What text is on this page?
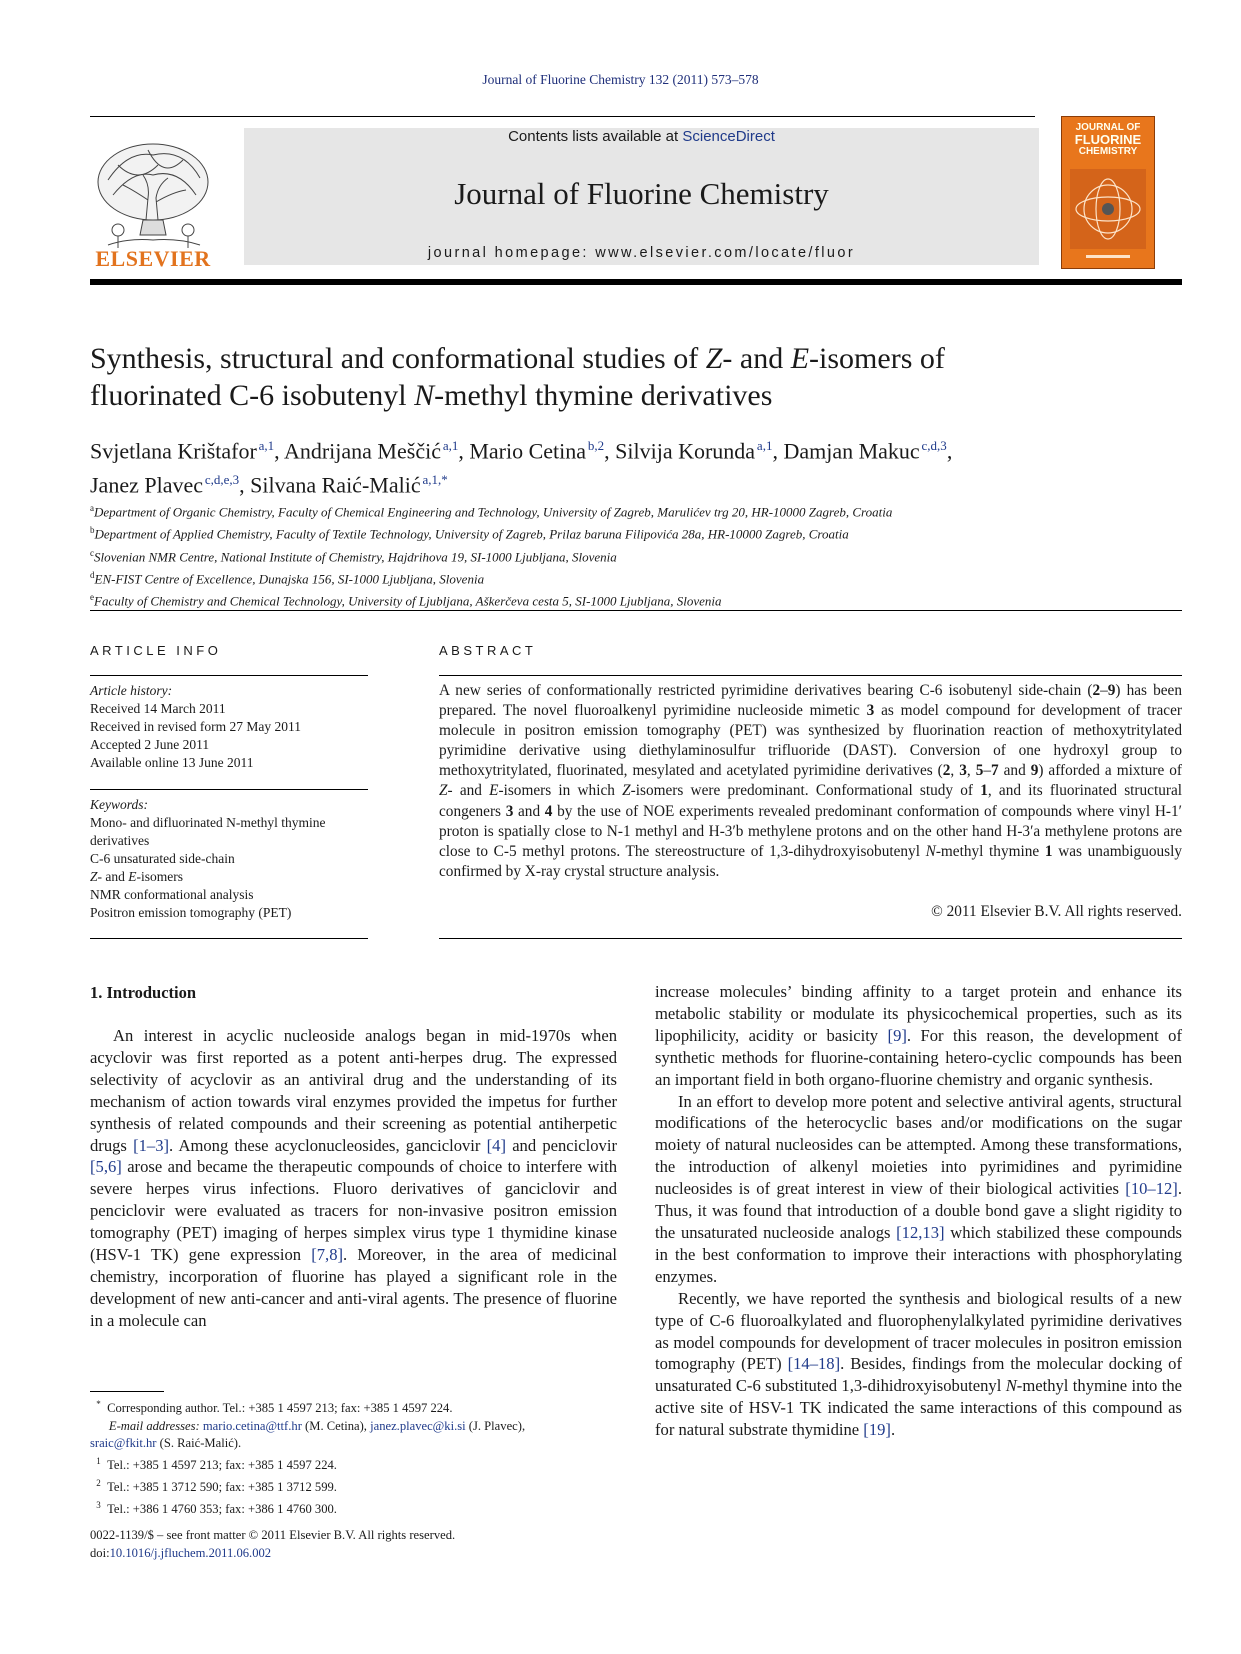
Journal of Fluorine Chemistry 132 (2011) 573–578
ELSEVIER
Contents lists available at ScienceDirect
Journal of Fluorine Chemistry
journal homepage: www.elsevier.com/locate/fluor
JOURNAL OF
FLUORINE
CHEMISTRY
Synthesis, structural and conformational studies of Z- and E-isomers of
fluorinated C-6 isobutenyl N-methyl thymine derivatives
Svjetlana Krištafor  $^{a,1}$, Andrijana Meščić  $^{a,1}$, Mario Cetina  $^{b,2}$, Silvija Korunda  $^{a,1}$, Damjan Makuc  $^{c,d,3}$,
Janez Plavec  $^{c,d,e,3}$, Silvana Raić-Malić  $^{a,1,*}$
$^a$Department of Organic Chemistry, Faculty of Chemical Engineering and Technology, University of Zagreb, Marulićev trg 20, HR-10000 Zagreb, Croatia
$^b$Department of Applied Chemistry, Faculty of Textile Technology, University of Zagreb, Prilaz baruna Filipovića 28a, HR-10000 Zagreb, Croatia
$^c$Slovenian NMR Centre, National Institute of Chemistry, Hajdrihova 19, SI-1000 Ljubljana, Slovenia
$^d$EN-FIST Centre of Excellence, Dunajska 156, SI-1000 Ljubljana, Slovenia
$^e$Faculty of Chemistry and Chemical Technology, University of Ljubljana, Aškerčeva cesta 5, SI-1000 Ljubljana, Slovenia
ARTICLE INFO	ABSTRACT
Article history:
Received 14 March 2011
Received in revised form 27 May 2011
Accepted 2 June 2011
Available online 13 June 2011
Keywords:
Mono- and difluorinated N-methyl thymine
derivatives
C-6 unsaturated side-chain
Z- and E-isomers
NMR conformational analysis
Positron emission tomography (PET)
A new series of conformationally restricted pyrimidine derivatives bearing C-6 isobutenyl side-chain (2–9) has been prepared. The novel fluoroalkenyl pyrimidine nucleoside mimetic 3 as model compound for development of tracer molecule in positron emission tomography (PET) was synthesized by fluorination reaction of methoxytritylated pyrimidine derivative using diethylaminosulfur trifluoride (DAST). Conversion of one hydroxyl group to methoxytritylated, fluorinated, mesylated and acetylated pyrimidine derivatives (2, 3, 5–7 and 9) afforded a mixture of Z- and E-isomers in which Z-isomers were predominant. Conformational study of 1, and its fluorinated structural congeners 3 and 4 by the use of NOE experiments revealed predominant conformation of compounds where vinyl H-1′ proton is spatially close to N-1 methyl and H-3′b methylene protons and on the other hand H-3′a methylene protons are close to C-5 methyl protons. The stereostructure of 1,3-dihydroxyisobutenyl N-methyl thymine 1 was unambiguously confirmed by X-ray crystal structure analysis.
© 2011 Elsevier B.V. All rights reserved.
1. Introduction

An interest in acyclic nucleoside analogs began in mid-1970s when acyclovir was first reported as a potent anti-herpes drug. The expressed selectivity of acyclovir as an antiviral drug and the understanding of its mechanism of action towards viral enzymes provided the impetus for further synthesis of related compounds and their screening as potential antiherpetic drugs [1–3]. Among these acyclonucleosides, ganciclovir [4] and penciclovir [5,6] arose and became the therapeutic compounds of choice to interfere with severe herpes virus infections. Fluoro derivatives of ganciclovir and penciclovir were evaluated as tracers for non-invasive positron emission tomography (PET) imaging of herpes simplex virus type 1 thymidine kinase (HSV-1 TK) gene expression [7,8]. Moreover, in the area of medicinal chemistry, incorporation of fluorine has played a significant role in the development of new anti-cancer and anti-viral agents. The presence of fluorine in a molecule can

increase molecules’ binding affinity to a target protein and enhance its metabolic stability or modulate its physicochemical properties, such as its lipophilicity, acidity or basicity [9]. For this reason, the development of synthetic methods for fluorine-containing hetero-cyclic compounds has been an important field in both organo-fluorine chemistry and organic synthesis.

In an effort to develop more potent and selective antiviral agents, structural modifications of the heterocyclic bases and/or modifications on the sugar moiety of natural nucleosides can be attempted. Among these transformations, the introduction of alkenyl moieties into pyrimidines and pyrimidine nucleosides is of great interest in view of their biological activities [10–12]. Thus, it was found that introduction of a double bond gave a slight rigidity to the unsaturated nucleoside analogs [12,13] which stabilized these compounds in the best conformation to improve their interactions with phosphorylating enzymes.

Recently, we have reported the synthesis and biological results of a new type of C-6 fluoroalkylated and fluorophenylalkylated pyrimidine derivatives as model compounds for development of tracer molecules in positron emission tomography (PET) [14–18]. Besides, findings from the molecular docking of unsaturated C-6 substituted 1,3-dihidroxyisobutenyl N-methyl thymine into the active site of HSV-1 TK indicated the same interactions of this compound as for natural substrate thymidine [19].

* Corresponding author. Tel.: +385 1 4597 213; fax: +385 1 4597 224.
E-mail addresses: mario.cetina@ttf.hr (M. Cetina), janez.plavec@ki.si (J. Plavec),
sraic@fkit.hr (S. Raić-Malić).
$^1$ Tel.: +385 1 4597 213; fax: +385 1 4597 224.
$^2$ Tel.: +385 1 3712 590; fax: +385 1 3712 599.
$^3$ Tel.: +386 1 4760 353; fax: +386 1 4760 300.
0022-1139/$ – see front matter © 2011 Elsevier B.V. All rights reserved.
doi:10.1016/j.jfluchem.2011.06.002
